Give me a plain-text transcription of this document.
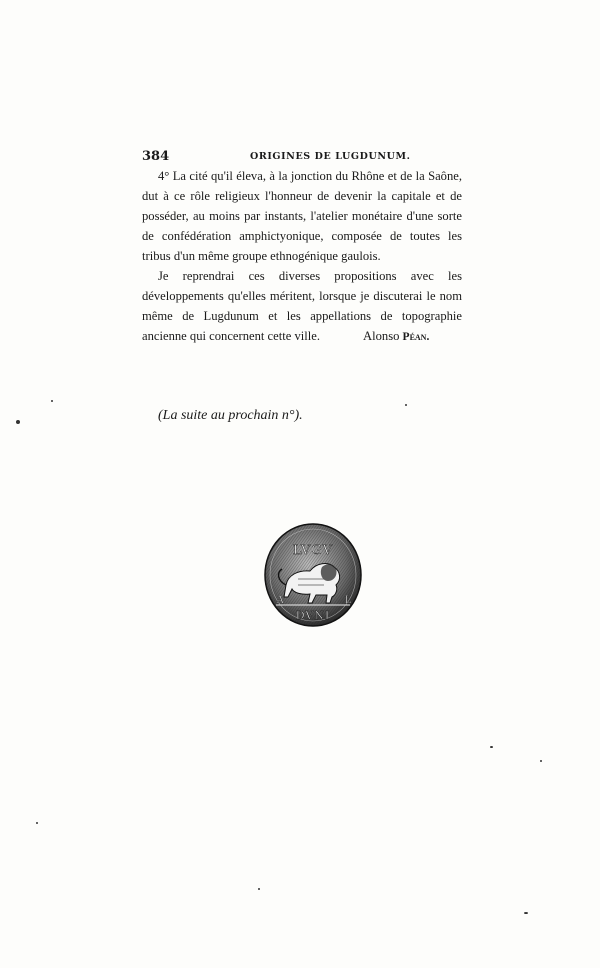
384	ORIGINES DE LUGDUNUM.

4° La cité qu'il éleva, à la jonction du Rhône et de la Saône, dut à ce rôle religieux l'honneur de devenir la capitale et de posséder, au moins par instants, l'atelier monétaire d'une sorte de confédération amphictyonique, composée de toutes les tribus d'un même groupe ethnogénique gaulois.

Je reprendrai ces diverses propositions avec les développements qu'elles méritent, lorsque je discuterai le nom même de Lugdunum et les appellations de topographie ancienne qui concernent cette ville.	Alonso Péan.
(La suite au prochain n°).
LVGV
DVNI
A	L
